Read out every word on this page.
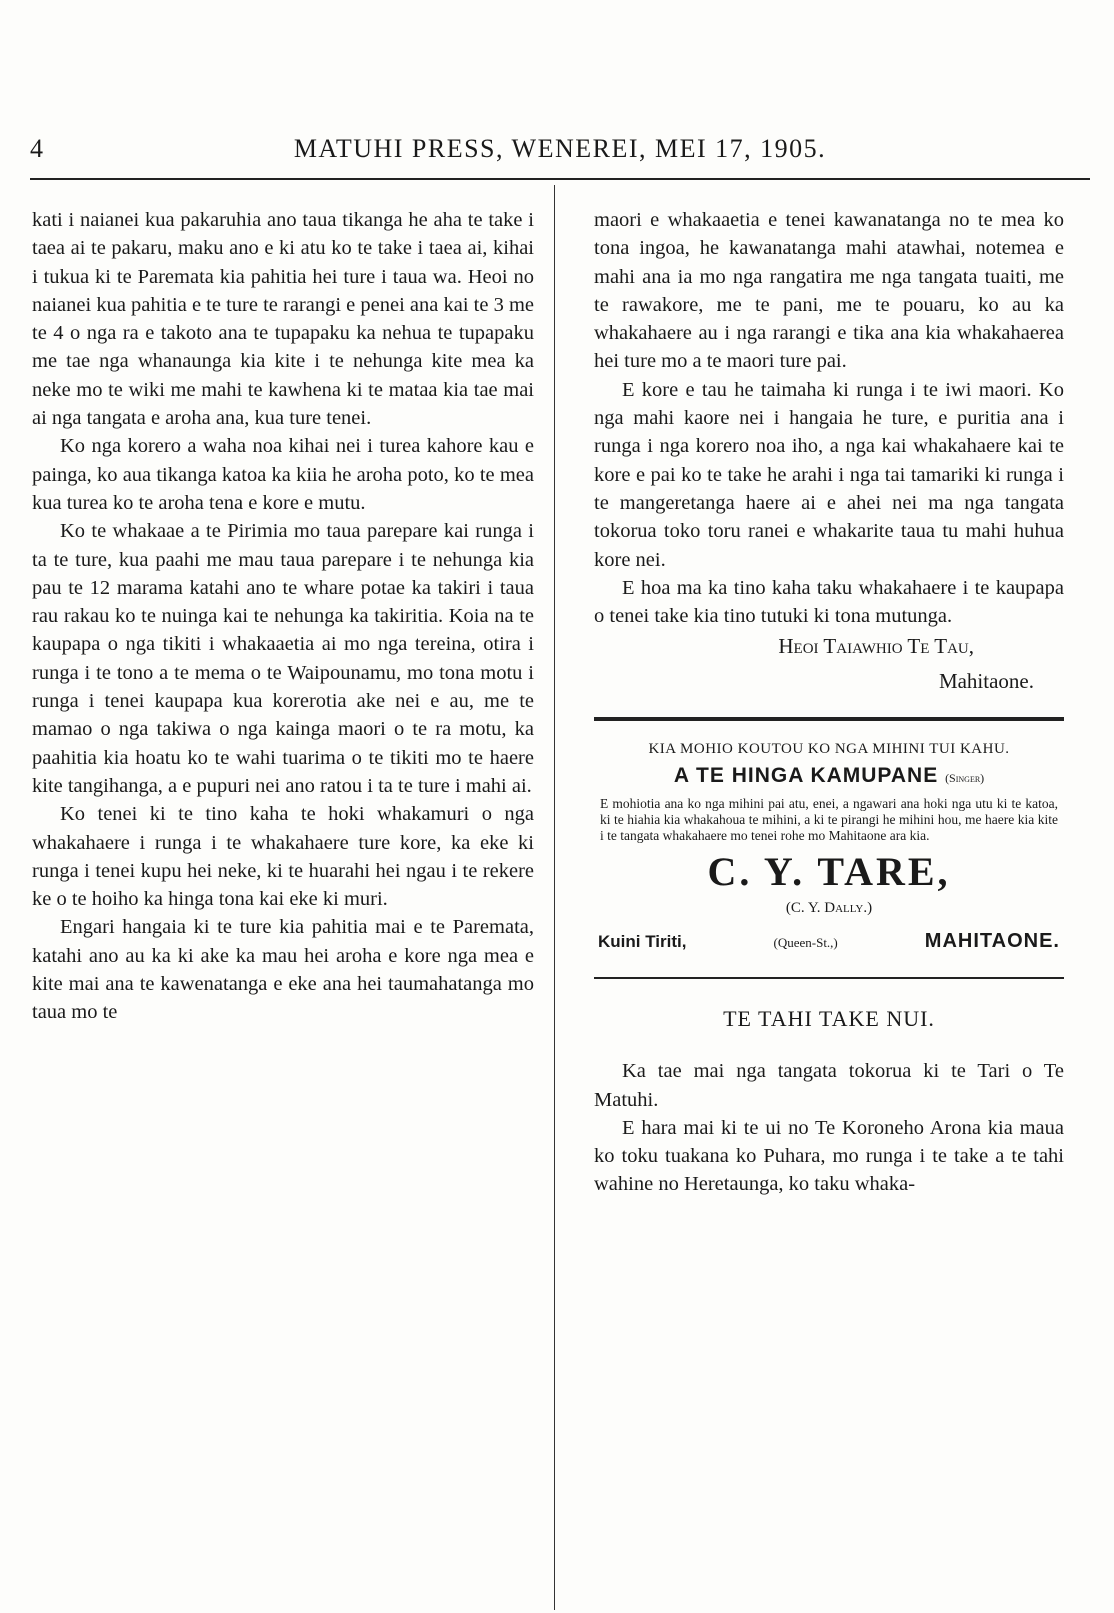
4	MATUHI PRESS, WENEREI, MEI 17, 1905.

kati i naianei kua pakaruhia ano taua tikanga he aha te take i taea ai te pakaru, maku ano e ki atu ko te take i taea ai, kihai i tukua ki te Paremata kia pahitia hei ture i taua wa. Heoi no naianei kua pahitia e te ture te rarangi e penei ana kai te 3 me te 4 o nga ra e takoto ana te tupapaku ka nehua te tupapaku me tae nga whanaunga kia kite i te nehunga kite mea ka neke mo te wiki me mahi te kawhena ki te mataa kia tae mai ai nga tangata e aroha ana, kua ture tenei.

Ko nga korero a waha noa kihai nei i turea kahore kau e painga, ko aua tikanga katoa ka kiia he aroha poto, ko te mea kua turea ko te aroha tena e kore e mutu.

Ko te whakaae a te Pirimia mo taua parepare kai runga i ta te ture, kua paahi me mau taua parepare i te nehunga kia pau te 12 marama katahi ano te whare potae ka takiri i taua rau rakau ko te nuinga kai te nehunga ka takiritia. Koia na te kaupapa o nga tikiti i whakaaetia ai mo nga tereina, otira i runga i te tono a te mema o te Waipounamu, mo tona motu i runga i tenei kaupapa kua korerotia ake nei e au, me te mamao o nga takiwa o nga kainga maori o te ra motu, ka paahitia kia hoatu ko te wahi tuarima o te tikiti mo te haere kite tangihanga, a e pupuri nei ano ratou i ta te ture i mahi ai.

Ko tenei ki te tino kaha te hoki whakamuri o nga whakahaere i runga i te whakahaere ture kore, ka eke ki runga i tenei kupu hei neke, ki te huarahi hei ngau i te rekere ke o te hoiho ka hinga tona kai eke ki muri.

Engari hangaia ki te ture kia pahitia mai e te Paremata, katahi ano au ka ki ake ka mau hei aroha e kore nga mea e kite mai ana te kawenatanga e eke ana hei taumahatanga mo taua mo te

maori e whakaaetia e tenei kawanatanga no te mea ko tona ingoa, he kawanatanga mahi atawhai, notemea e mahi ana ia mo nga rangatira me nga tangata tuaiti, me te rawakore, me te pani, me te pouaru, ko au ka whakahaere au i nga rarangi e tika ana kia whakahaerea hei ture mo a te maori ture pai.

E kore e tau he taimaha ki runga i te iwi maori. Ko nga mahi kaore nei i hangaia he ture, e puritia ana i runga i nga korero noa iho, a nga kai whakahaere kai te kore e pai ko te take he arahi i nga tai tamariki ki runga i te mangeretanga haere ai e ahei nei ma nga tangata tokorua toko toru ranei e whakarite taua tu mahi huhua kore nei.

E hoa ma ka tino kaha taku whakahaere i te kaupapa o tenei take kia tino tutuki ki tona mutunga.

Heoi Taiawhio Te Tau,
Mahitaone.
KIA MOHIO KOUTOU KO NGA MIHINI TUI KAHU.
A TE HINGA KAMUPANE (Singer)
E mohiotia ana ko nga mihini pai atu, enei, a ngawari ana hoki nga utu ki te katoa, ki te hiahia kia whakahoua te mihini, a ki te pirangi he mihini hou, me haere kia kite i te tangata whakahaere mo tenei rohe mo Mahitaone ara kia.
C. Y. TARE,
(C. Y. Dally.)
Kuini Tiriti,	(Queen-St.,)	MAHITAONE.
TE TAHI TAKE NUI.

Ka tae mai nga tangata tokorua ki te Tari o Te Matuhi.

E hara mai ki te ui no Te Koroneho Arona kia maua ko toku tuakana ko Puhara, mo runga i te take a te tahi wahine no Heretaunga, ko taku whaka-
